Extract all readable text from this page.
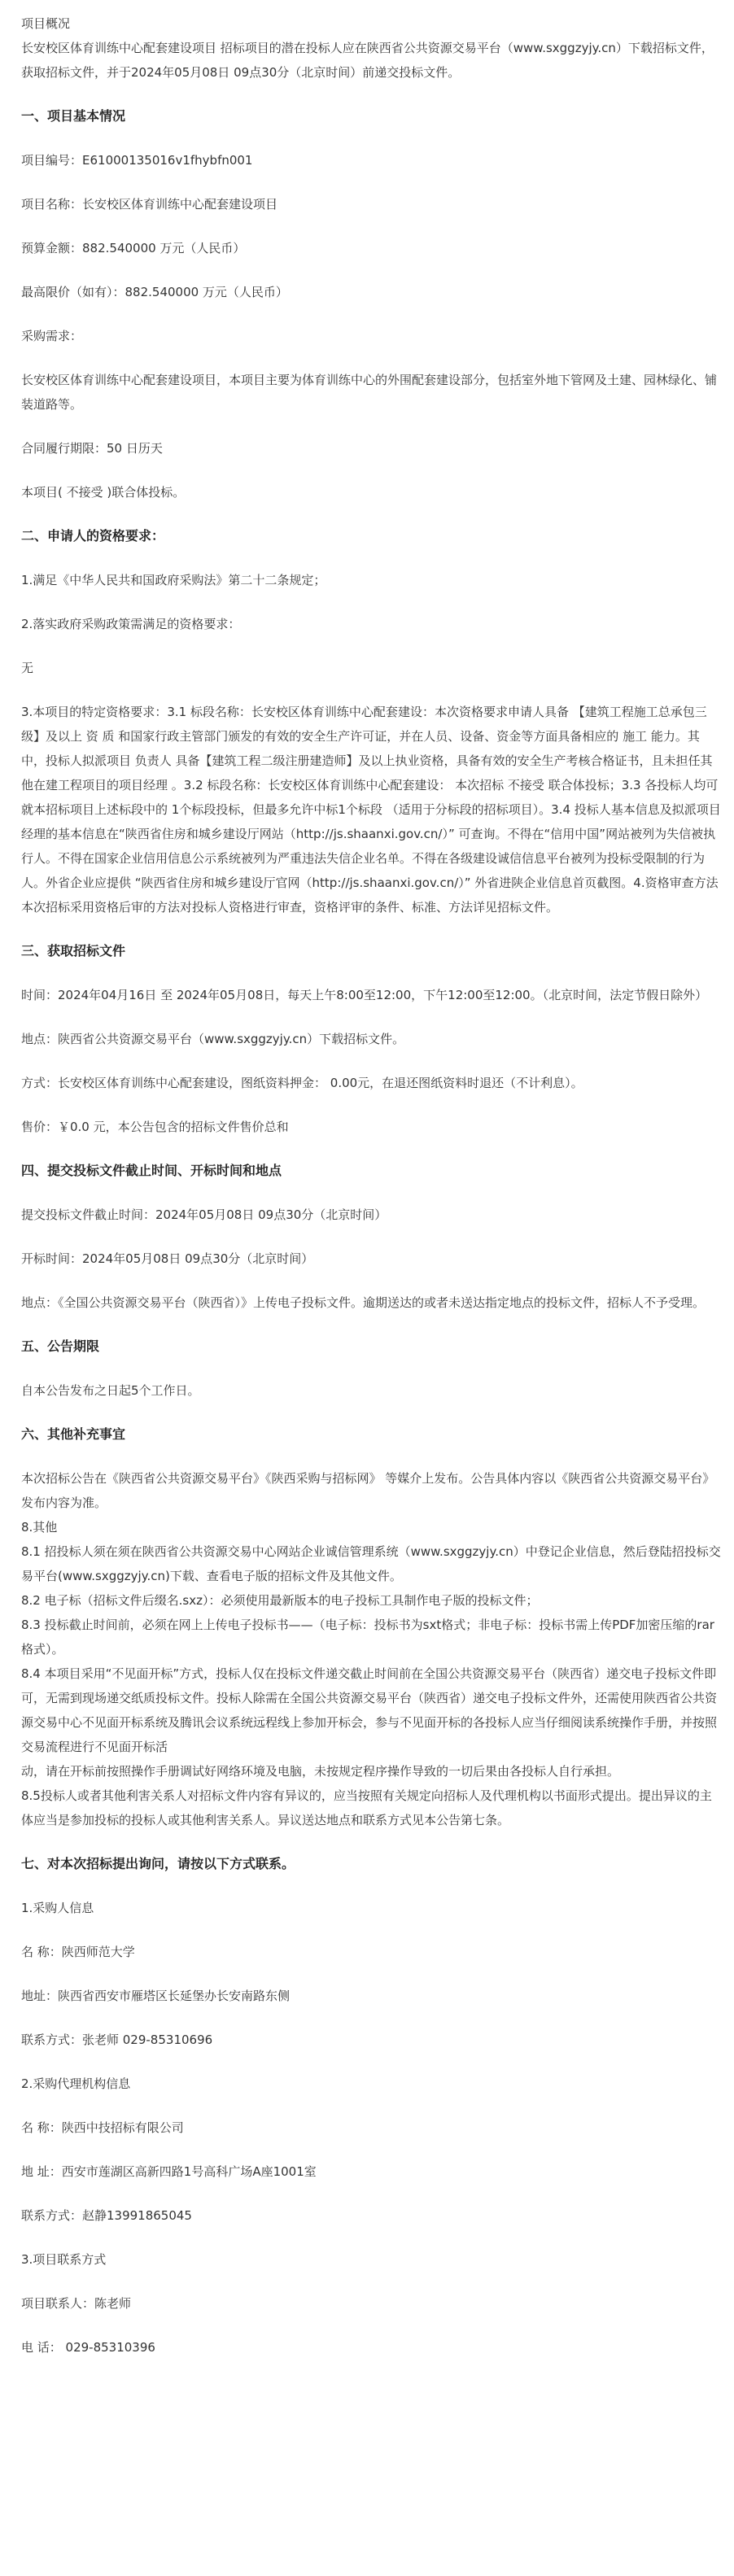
项目概况

长安校区体育训练中心配套建设项目 招标项目的潜在投标人应在陕西省公共资源交易平台（www.sxggzyjy.cn）下载招标文件，获取招标文件，并于2024年05月08日 09点30分（北京时间）前递交投标文件。

一、项目基本情况

项目编号：E61000135016v1fhybfn001

项目名称：长安校区体育训练中心配套建设项目

预算金额：882.540000 万元（人民币）

最高限价（如有）：882.540000 万元（人民币）

采购需求：

长安校区体育训练中心配套建设项目，本项目主要为体育训练中心的外围配套建设部分，包括室外地下管网及土建、园林绿化、铺装道路等。

合同履行期限：50 日历天

本项目( 不接受 )联合体投标。

二、申请人的资格要求：

1.满足《中华人民共和国政府采购法》第二十二条规定；

2.落实政府采购政策需满足的资格要求：

无

3.本项目的特定资格要求：3.1 标段名称：长安校区体育训练中心配套建设：本次资格要求申请人具备 【建筑工程施工总承包三级】及以上 资 质 和国家行政主管部门颁发的有效的安全生产许可证，并在人员、设备、资金等方面具备相应的 施工 能力。其中，投标人拟派项目 负责人 具备【建筑工程二级注册建造师】及以上执业资格，具备有效的安全生产考核合格证书，且未担任其他在建工程项目的项目经理 。3.2 标段名称：长安校区体育训练中心配套建设： 本次招标 不接受 联合体投标；3.3 各投标人均可就本招标项目上述标段中的 1个标段投标，但最多允许中标1个标段 （适用于分标段的招标项目）。3.4 投标人基本信息及拟派项目经理的基本信息在“陕西省住房和城乡建设厅网站（http://js.shaanxi.gov.cn/）” 可查询。不得在“信用中国”网站被列为失信被执行人。不得在国家企业信用信息公示系统被列为严重违法失信企业名单。不得在各级建设诚信信息平台被列为投标受限制的行为人。外省企业应提供 “陕西省住房和城乡建设厅官网（http://js.shaanxi.gov.cn/）” 外省进陕企业信息首页截图。4.资格审查方法本次招标采用资格后审的方法对投标人资格进行审查，资格评审的条件、标准、方法详见招标文件。

三、获取招标文件

时间：2024年04月16日 至 2024年05月08日，每天上午8:00至12:00，下午12:00至12:00。（北京时间，法定节假日除外）

地点：陕西省公共资源交易平台（www.sxggzyjy.cn）下载招标文件。

方式：长安校区体育训练中心配套建设，图纸资料押金： 0.00元，在退还图纸资料时退还（不计利息）。

售价：￥0.0 元，本公告包含的招标文件售价总和

四、提交投标文件截止时间、开标时间和地点

提交投标文件截止时间：2024年05月08日 09点30分（北京时间）

开标时间：2024年05月08日 09点30分（北京时间）

地点：《全国公共资源交易平台（陕西省）》上传电子投标文件。逾期送达的或者未送达指定地点的投标文件，招标人不予受理。

五、公告期限

自本公告发布之日起5个工作日。

六、其他补充事宜

本次招标公告在《陕西省公共资源交易平台》《陕西采购与招标网》 等媒介上发布。公告具体内容以《陕西省公共资源交易平台》发布内容为准。

8.其他

8.1 招投标人须在须在陕西省公共资源交易中心网站企业诚信管理系统（www.sxggzyjy.cn）中登记企业信息，然后登陆招投标交易平台(www.sxggzyjy.cn)下载、查看电子版的招标文件及其他文件。

8.2 电子标（招标文件后缀名.sxz）：必须使用最新版本的电子投标工具制作电子版的投标文件；

8.3 投标截止时间前，必须在网上上传电子投标书——（电子标：投标书为sxt格式；非电子标：投标书需上传PDF加密压缩的rar格式）。

8.4 本项目采用“不见面开标”方式，投标人仅在投标文件递交截止时间前在全国公共资源交易平台（陕西省）递交电子投标文件即可，无需到现场递交纸质投标文件。投标人除需在全国公共资源交易平台（陕西省）递交电子投标文件外，还需使用陕西省公共资源交易中心不见面开标系统及腾讯会议系统远程线上参加开标会，参与不见面开标的各投标人应当仔细阅读系统操作手册，并按照交易流程进行不见面开标活

动，请在开标前按照操作手册调试好网络环境及电脑，未按规定程序操作导致的一切后果由各投标人自行承担。

8.5投标人或者其他利害关系人对招标文件内容有异议的，应当按照有关规定向招标人及代理机构以书面形式提出。提出异议的主体应当是参加投标的投标人或其他利害关系人。异议送达地点和联系方式见本公告第七条。

七、对本次招标提出询问，请按以下方式联系。

1.采购人信息

名 称：陕西师范大学

地址：陕西省西安市雁塔区长延堡办长安南路东侧

联系方式：张老师 029-85310696

2.采购代理机构信息

名 称：陕西中技招标有限公司

地 址：西安市莲湖区高新四路1号高科广场A座1001室

联系方式：赵静13991865045

3.项目联系方式

项目联系人：陈老师

电 话： 029-85310396
